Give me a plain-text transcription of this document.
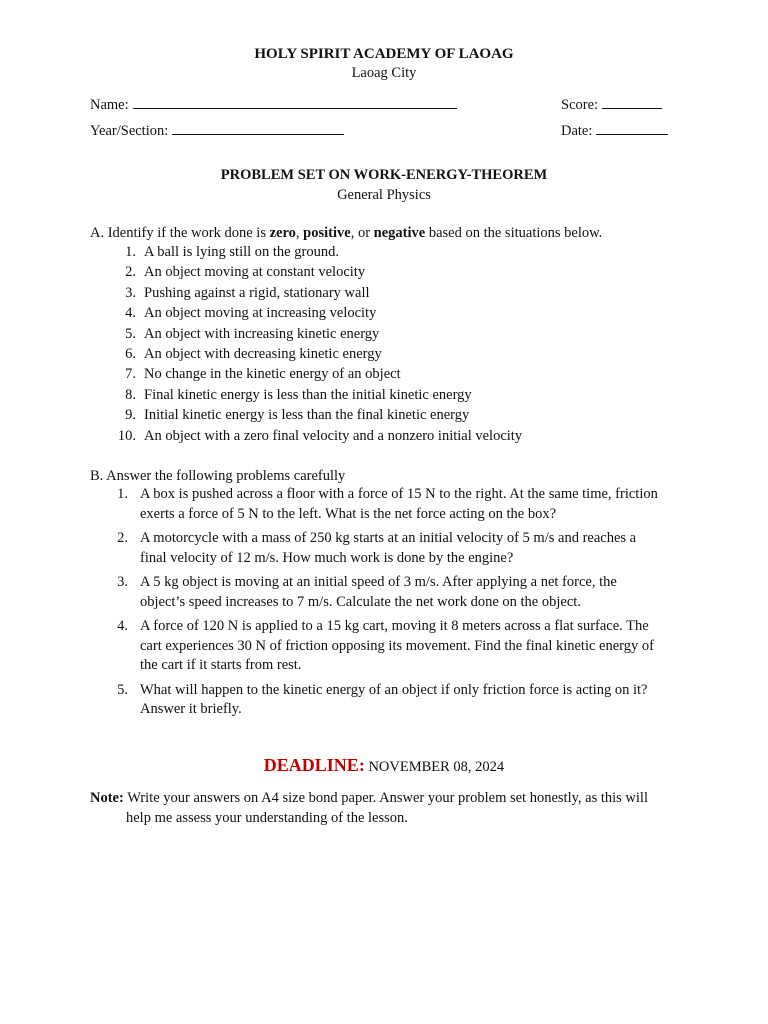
HOLY SPIRIT ACADEMY OF LAOAG
Laoag City
Name:	Score:
Year/Section:	Date:
PROBLEM SET ON WORK-ENERGY-THEOREM
General Physics
A. Identify if the work done is zero, positive, or negative based on the situations below.
1. A ball is lying still on the ground.
2. An object moving at constant velocity
3. Pushing against a rigid, stationary wall
4. An object moving at increasing velocity
5. An object with increasing kinetic energy
6. An object with decreasing kinetic energy
7. No change in the kinetic energy of an object
8. Final kinetic energy is less than the initial kinetic energy
9. Initial kinetic energy is less than the final kinetic energy
10. An object with a zero final velocity and a nonzero initial velocity
B. Answer the following problems carefully
1. A box is pushed across a floor with a force of 15 N to the right. At the same time, friction
exerts a force of 5 N to the left. What is the net force acting on the box?
2. A motorcycle with a mass of 250 kg starts at an initial velocity of 5 m/s and reaches a
final velocity of 12 m/s. How much work is done by the engine?
3. A 5 kg object is moving at an initial speed of 3 m/s. After applying a net force, the
object’s speed increases to 7 m/s. Calculate the net work done on the object.
4. A force of 120 N is applied to a 15 kg cart, moving it 8 meters across a flat surface. The
cart experiences 30 N of friction opposing its movement. Find the final kinetic energy of
the cart if it starts from rest.
5. What will happen to the kinetic energy of an object if only friction force is acting on it?
Answer it briefly.
DEADLINE: NOVEMBER 08, 2024
Note: Write your answers on A4 size bond paper. Answer your problem set honestly, as this will
help me assess your understanding of the lesson.
